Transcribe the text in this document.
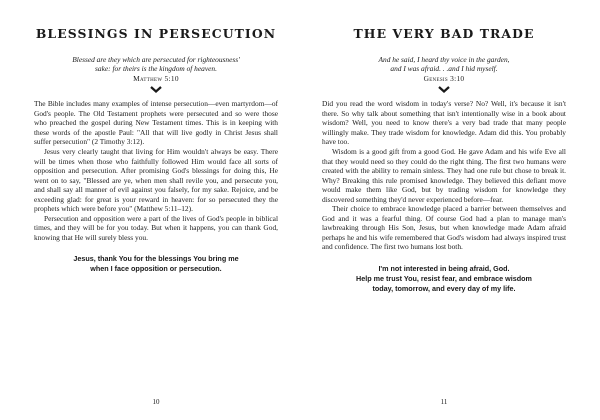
BLESSINGS IN PERSECUTION

Blessed are they which are persecuted for righteousness'

sake: for theirs is the kingdom of heaven.

Matthew 5:10

The Bible includes many examples of intense persecution—even martyrdom—of God's people. The Old Testament prophets were persecuted and so were those who preached the gospel during New Testament times. This is in keeping with these words of the apostle Paul: "All that will live godly in Christ Jesus shall suffer persecution" (2 Timothy 3:12).

Jesus very clearly taught that living for Him wouldn't always be easy. There will be times when those who faithfully followed Him would face all sorts of opposition and persecution. After promising God's blessings for doing this, He went on to say, "Blessed are ye, when men shall revile you, and persecute you, and shall say all manner of evil against you falsely, for my sake. Rejoice, and be exceeding glad: for great is your reward in heaven: for so persecuted they the prophets which were before you" (Matthew 5:11–12).

Persecution and opposition were a part of the lives of God's people in biblical times, and they will be for you today. But when it happens, you can thank God, knowing that He will surely bless you.

Jesus, thank You for the blessings You bring me

when I face opposition or persecution.

10
THE VERY BAD TRADE

And he said, I heard thy voice in the garden,

and I was afraid. . .and I hid myself.

Genesis 3:10

Did you read the word wisdom in today's verse? No? Well, it's because it isn't there. So why talk about something that isn't intentionally wise in a book about wisdom? Well, you need to know there's a very bad trade that many people willingly make. They trade wisdom for knowledge. Adam did this. You probably have too.

Wisdom is a good gift from a good God. He gave Adam and his wife Eve all that they would need so they could do the right thing. The first two humans were created with the ability to remain sinless. They had one rule but chose to break it. Why? Breaking this rule promised knowledge. They believed this defiant move would make them like God, but by trading wisdom for knowledge they discovered something they'd never experienced before—fear.

Their choice to embrace knowledge placed a barrier between themselves and God and it was a fearful thing. Of course God had a plan to manage man's lawbreaking through His Son, Jesus, but when knowledge made Adam afraid perhaps he and his wife remembered that God's wisdom had always inspired trust and confidence. The first two humans lost both.

I'm not interested in being afraid, God.

Help me trust You, resist fear, and embrace wisdom

today, tomorrow, and every day of my life.

11
